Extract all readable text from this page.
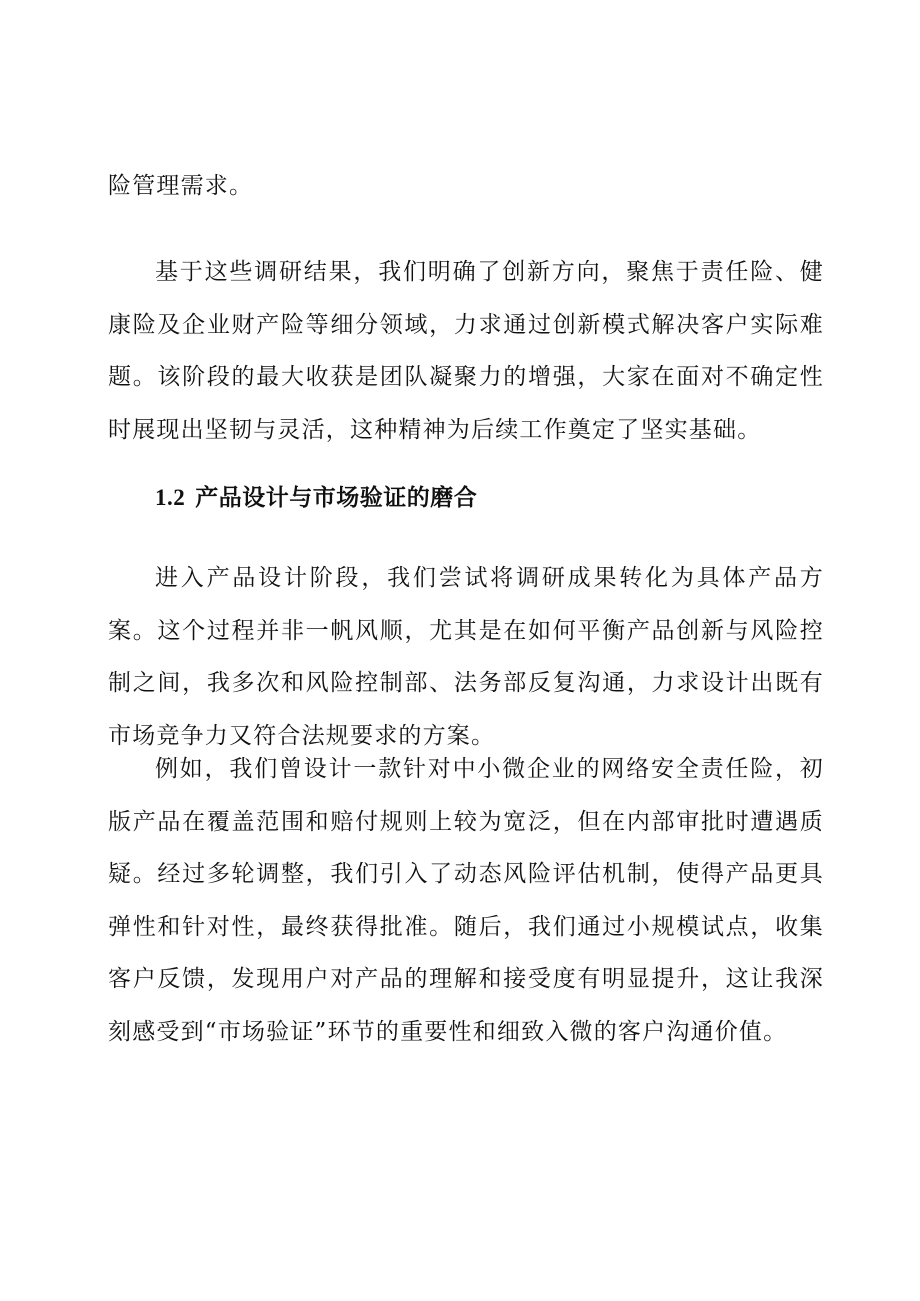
险管理需求。

基于这些调研结果，我们明确了创新方向，聚焦于责任险、健康险及企业财产险等细分领域，力求通过创新模式解决客户实际难题。该阶段的最大收获是团队凝聚力的增强，大家在面对不确定性时展现出坚韧与灵活，这种精神为后续工作奠定了坚实基础。

1.2 产品设计与市场验证的磨合

进入产品设计阶段，我们尝试将调研成果转化为具体产品方案。这个过程并非一帆风顺，尤其是在如何平衡产品创新与风险控制之间，我多次和风险控制部、法务部反复沟通，力求设计出既有市场竞争力又符合法规要求的方案。

例如，我们曾设计一款针对中小微企业的网络安全责任险，初版产品在覆盖范围和赔付规则上较为宽泛，但在内部审批时遭遇质疑。经过多轮调整，我们引入了动态风险评估机制，使得产品更具弹性和针对性，最终获得批准。随后，我们通过小规模试点，收集客户反馈，发现用户对产品的理解和接受度有明显提升，这让我深刻感受到“市场验证”环节的重要性和细致入微的客户沟通价值。
